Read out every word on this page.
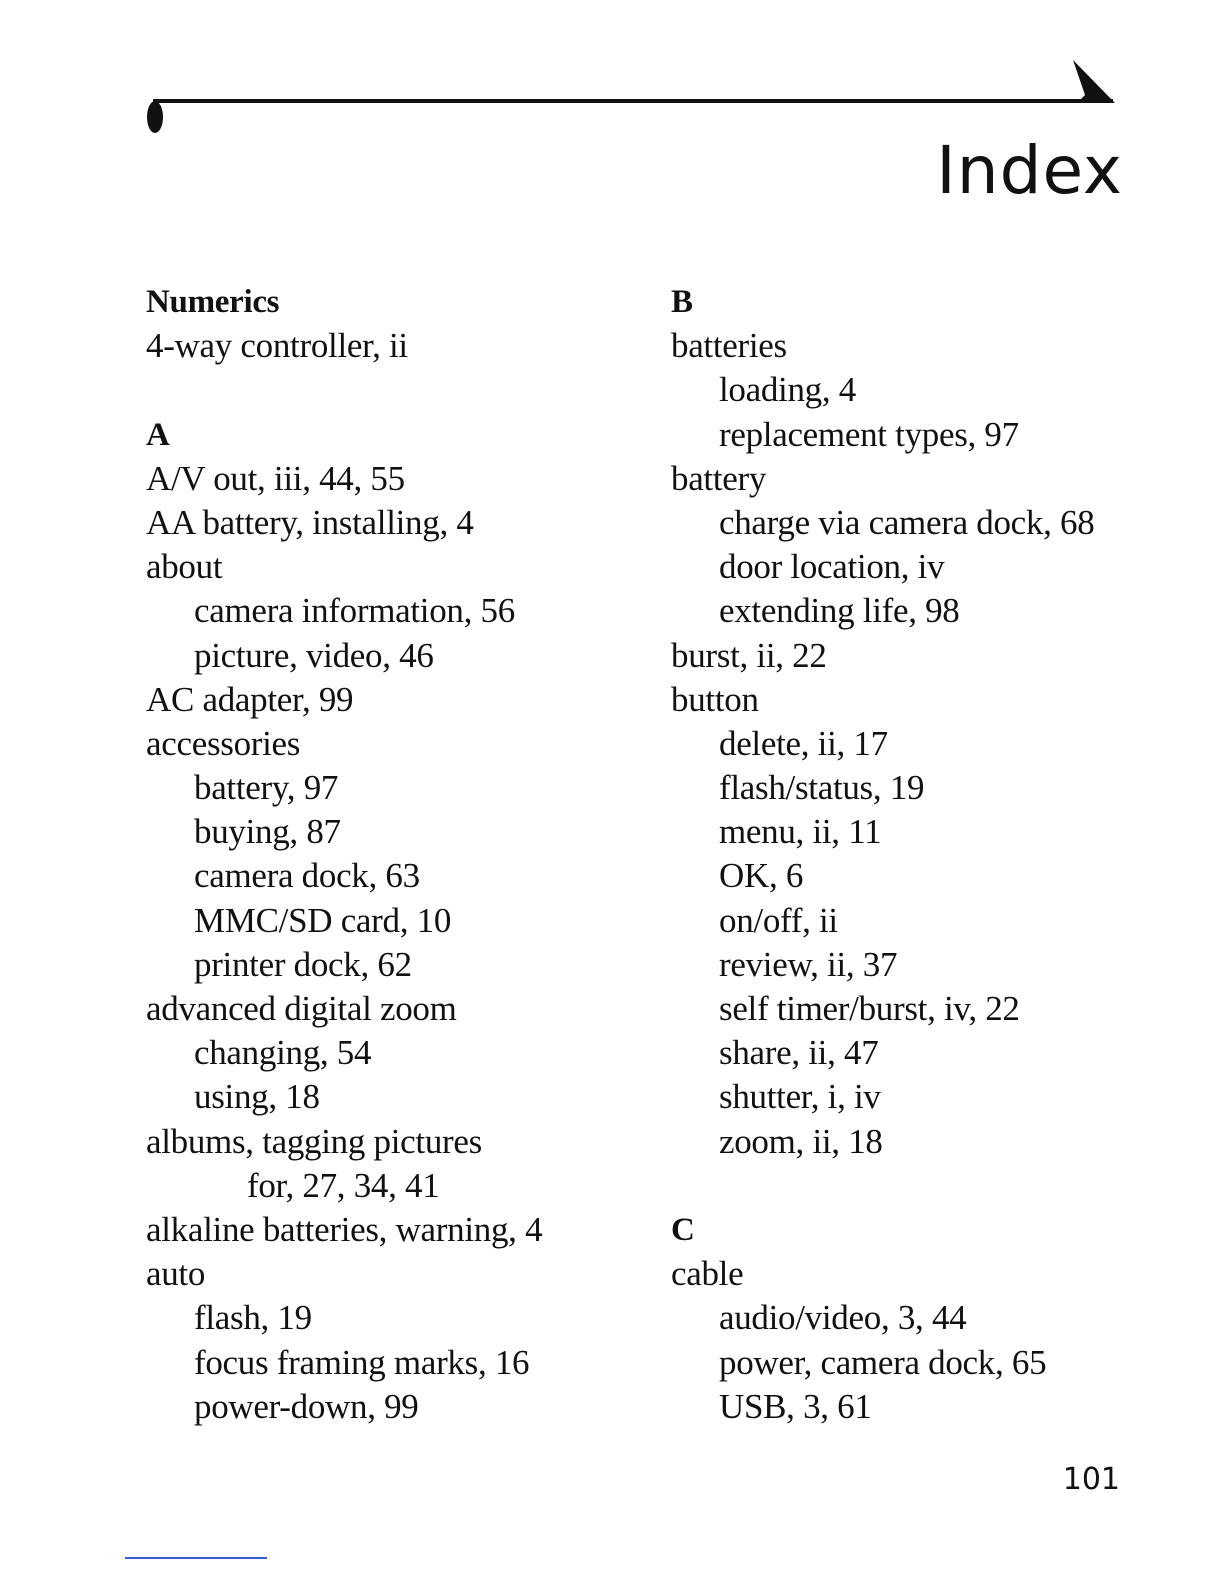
Index
Numerics
4-way controller, ii
A
A/V out, iii, 44, 55
AA battery, installing, 4
about
camera information, 56
picture, video, 46
AC adapter, 99
accessories
battery, 97
buying, 87
camera dock, 63
MMC/SD card, 10
printer dock, 62
advanced digital zoom
changing, 54
using, 18
albums, tagging pictures
for, 27, 34, 41
alkaline batteries, warning, 4
auto
flash, 19
focus framing marks, 16
power-down, 99
B
batteries
loading, 4
replacement types, 97
battery
charge via camera dock, 68
door location, iv
extending life, 98
burst, ii, 22
button
delete, ii, 17
flash/status, 19
menu, ii, 11
OK, 6
on/off, ii
review, ii, 37
self timer/burst, iv, 22
share, ii, 47
shutter, i, iv
zoom, ii, 18
C
cable
audio/video, 3, 44
power, camera dock, 65
USB, 3, 61
101
